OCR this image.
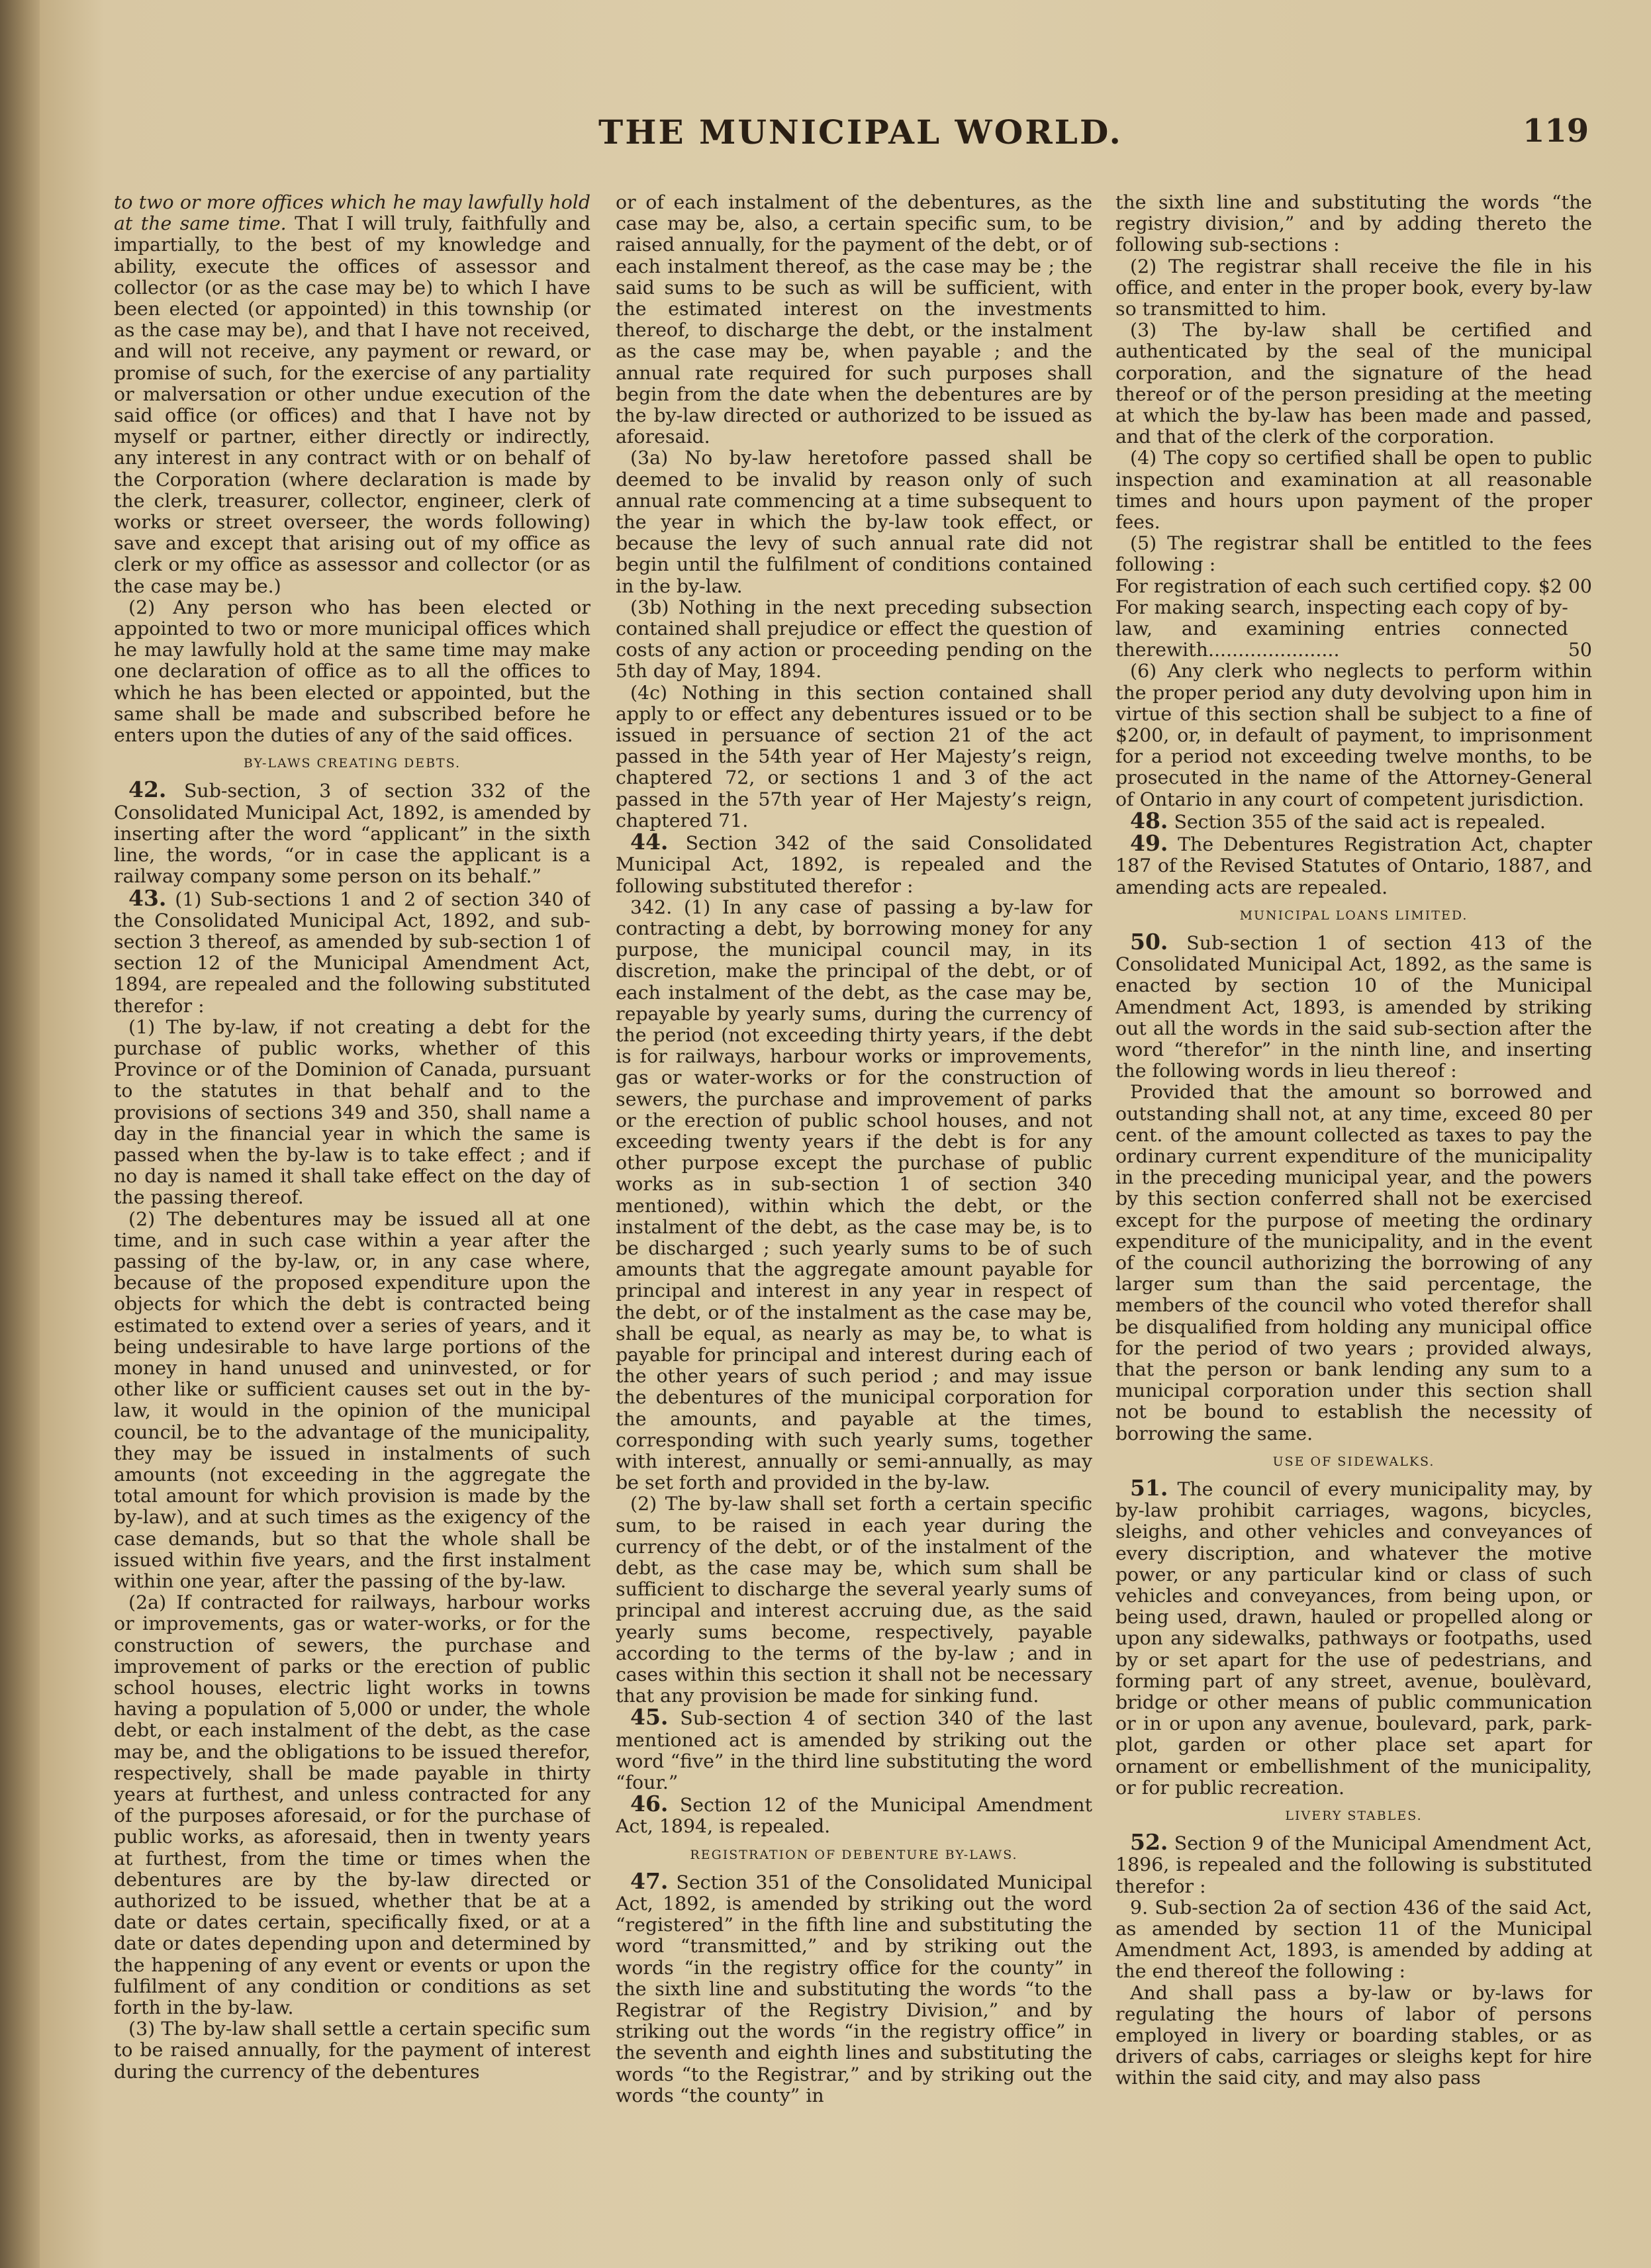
THE MUNICIPAL WORLD.	119

to two or more offices which he may lawfully hold at the same time. That I will truly, faithfully and impartially, to the best of my knowledge and ability, execute the offices of assessor and collector (or as the case may be) to which I have been elected (or appointed) in this township (or as the case may be), and that I have not received, and will not receive, any payment or reward, or promise of such, for the exercise of any partiality or malversation or other undue execution of the said office (or offices) and that I have not by myself or partner, either directly or indirectly, any interest in any contract with or on behalf of the Corporation (where declaration is made by the clerk, treasurer, collector, engineer, clerk of works or street overseer, the words following) save and except that arising out of my office as clerk or my office as assessor and collector (or as the case may be.)

(2) Any person who has been elected or appointed to two or more municipal offices which he may lawfully hold at the same time may make one declaration of office as to all the offices to which he has been elected or appointed, but the same shall be made and subscribed before he enters upon the duties of any of the said offices.

BY-LAWS CREATING DEBTS.

42. Sub-section, 3 of section 332 of the Consolidated Municipal Act, 1892, is amended by inserting after the word “applicant” in the sixth line, the words, “or in case the applicant is a railway company some person on its behalf.”

43. (1) Sub-sections 1 and 2 of section 340 of the Consolidated Municipal Act, 1892, and sub-section 3 thereof, as amended by sub-section 1 of section 12 of the Municipal Amendment Act, 1894, are repealed and the following substituted therefor :

(1) The by-law, if not creating a debt for the purchase of public works, whether of this Province or of the Dominion of Canada, pursuant to the statutes in that behalf and to the provisions of sections 349 and 350, shall name a day in the financial year in which the same is passed when the by-law is to take effect ; and if no day is named it shall take effect on the day of the passing thereof.

(2) The debentures may be issued all at one time, and in such case within a year after the passing of the by-law, or, in any case where, because of the proposed expenditure upon the objects for which the debt is contracted being estimated to extend over a series of years, and it being undesirable to have large portions of the money in hand unused and uninvested, or for other like or sufficient causes set out in the by-law, it would in the opinion of the municipal council, be to the advantage of the municipality, they may be issued in instalments of such amounts (not exceeding in the aggregate the total amount for which provision is made by the by-law), and at such times as the exigency of the case demands, but so that the whole shall be issued within five years, and the first instalment within one year, after the passing of the by-law.

(2a) If contracted for railways, harbour works or improvements, gas or water-works, or for the construction of sewers, the purchase and improvement of parks or the erection of public school houses, electric light works in towns having a population of 5,000 or under, the whole debt, or each instalment of the debt, as the case may be, and the obligations to be issued therefor, respectively, shall be made payable in thirty years at furthest, and unless contracted for any of the purposes aforesaid, or for the purchase of public works, as aforesaid, then in twenty years at furthest, from the time or times when the debentures are by the by-law directed or authorized to be issued, whether that be at a date or dates certain, specifically fixed, or at a date or dates depending upon and determined by the happening of any event or events or upon the fulfilment of any condition or conditions as set forth in the by-law.

(3) The by-law shall settle a certain specific sum to be raised annually, for the payment of interest during the currency of the debentures

or of each instalment of the debentures, as the case may be, also, a certain specific sum, to be raised annually, for the payment of the debt, or of each instalment thereof, as the case may be ; the said sums to be such as will be sufficient, with the estimated interest on the investments thereof, to discharge the debt, or the instalment as the case may be, when payable ; and the annual rate required for such purposes shall begin from the date when the debentures are by the by-law directed or authorized to be issued as aforesaid.

(3a) No by-law heretofore passed shall be deemed to be invalid by reason only of such annual rate commencing at a time subsequent to the year in which the by-law took effect, or because the levy of such annual rate did not begin until the fulfilment of conditions contained in the by-law.

(3b) Nothing in the next preceding subsection contained shall prejudice or effect the question of costs of any action or proceeding pending on the 5th day of May, 1894.

(4c) Nothing in this section contained shall apply to or effect any debentures issued or to be issued in persuance of section 21 of the act passed in the 54th year of Her Majesty’s reign, chaptered 72, or sections 1 and 3 of the act passed in the 57th year of Her Majesty’s reign, chaptered 71.

44. Section 342 of the said Consolidated Municipal Act, 1892, is repealed and the following substituted therefor :

342. (1) In any case of passing a by-law for contracting a debt, by borrowing money for any purpose, the municipal council may, in its discretion, make the principal of the debt, or of each instalment of the debt, as the case may be, repayable by yearly sums, during the currency of the period (not exceeding thirty years, if the debt is for railways, harbour works or improvements, gas or water-works or for the construction of sewers, the purchase and improvement of parks or the erection of public school houses, and not exceeding twenty years if the debt is for any other purpose except the purchase of public works as in sub-section 1 of section 340 mentioned), within which the debt, or the instalment of the debt, as the case may be, is to be discharged ; such yearly sums to be of such amounts that the aggregate amount payable for principal and interest in any year in respect of the debt, or of the instalment as the case may be, shall be equal, as nearly as may be, to what is payable for principal and interest during each of the other years of such period ; and may issue the debentures of the municipal corporation for the amounts, and payable at the times, corresponding with such yearly sums, together with interest, annually or semi-annually, as may be set forth and provided in the by-law.

(2) The by-law shall set forth a certain specific sum, to be raised in each year during the currency of the debt, or of the instalment of the debt, as the case may be, which sum shall be sufficient to discharge the several yearly sums of principal and interest accruing due, as the said yearly sums become, respectively, payable according to the terms of the by-law ; and in cases within this section it shall not be necessary that any provision be made for sinking fund.

45. Sub-section 4 of section 340 of the last mentioned act is amended by striking out the word “five” in the third line substituting the word “four.”

46. Section 12 of the Municipal Amendment Act, 1894, is repealed.

REGISTRATION OF DEBENTURE BY-LAWS.

47. Section 351 of the Consolidated Municipal Act, 1892, is amended by striking out the word “registered” in the fifth line and substituting the word “transmitted,” and by striking out the words “in the registry office for the county” in the sixth line and substituting the words “to the Registrar of the Registry Division,” and by striking out the words “in the registry office” in the seventh and eighth lines and substituting the words “to the Registrar,” and by striking out the words “the county” in

the sixth line and substituting the words “the registry division,” and by adding thereto the following sub-sections :

(2) The registrar shall receive the file in his office, and enter in the proper book, every by-law so transmitted to him.

(3) The by-law shall be certified and authenticated by the seal of the municipal corporation, and the signature of the head thereof or of the person presiding at the meeting at which the by-law has been made and passed, and that of the clerk of the corporation.

(4) The copy so certified shall be open to public inspection and examination at all reasonable times and hours upon payment of the proper fees.

(5) The registrar shall be entitled to the fees following :

For registration of each such certified copy. $2 00

For making search, inspecting each copy of by-law, and examining entries connected therewith......................	50

(6) Any clerk who neglects to perform within the proper period any duty devolving upon him in virtue of this section shall be subject to a fine of $200, or, in default of payment, to imprisonment for a period not exceeding twelve months, to be prosecuted in the name of the Attorney-General of Ontario in any court of competent jurisdiction.

48. Section 355 of the said act is repealed.

49. The Debentures Registration Act, chapter 187 of the Revised Statutes of Ontario, 1887, and amending acts are repealed.

MUNICIPAL LOANS LIMITED.

50. Sub-section 1 of section 413 of the Consolidated Municipal Act, 1892, as the same is enacted by section 10 of the Municipal Amendment Act, 1893, is amended by striking out all the words in the said sub-section after the word “therefor” in the ninth line, and inserting the following words in lieu thereof :

Provided that the amount so borrowed and outstanding shall not, at any time, exceed 80 per cent. of the amount collected as taxes to pay the ordinary current expenditure of the municipality in the preceding municipal year, and the powers by this section conferred shall not be exercised except for the purpose of meeting the ordinary expenditure of the municipality, and in the event of the council authorizing the borrowing of any larger sum than the said percentage, the members of the council who voted therefor shall be disqualified from holding any municipal office for the period of two years ; provided always, that the person or bank lending any sum to a municipal corporation under this section shall not be bound to establish the necessity of borrowing the same.

USE OF SIDEWALKS.

51. The council of every municipality may, by by-law prohibit carriages, wagons, bicycles, sleighs, and other vehicles and conveyances of every discription, and whatever the motive power, or any particular kind or class of such vehicles and conveyances, from being upon, or being used, drawn, hauled or propelled along or upon any sidewalks, pathways or footpaths, used by or set apart for the use of pedestrians, and forming part of any street, avenue, boulèvard, bridge or other means of public communication or in or upon any avenue, boulevard, park, park-plot, garden or other place set apart for ornament or embellishment of the municipality, or for public recreation.

LIVERY STABLES.

52. Section 9 of the Municipal Amendment Act, 1896, is repealed and the following is substituted therefor :

9. Sub-section 2a of section 436 of the said Act, as amended by section 11 of the Municipal Amendment Act, 1893, is amended by adding at the end thereof the following :

And shall pass a by-law or by-laws for regulating the hours of labor of persons employed in livery or boarding stables, or as drivers of cabs, carriages or sleighs kept for hire within the said city, and may also pass
